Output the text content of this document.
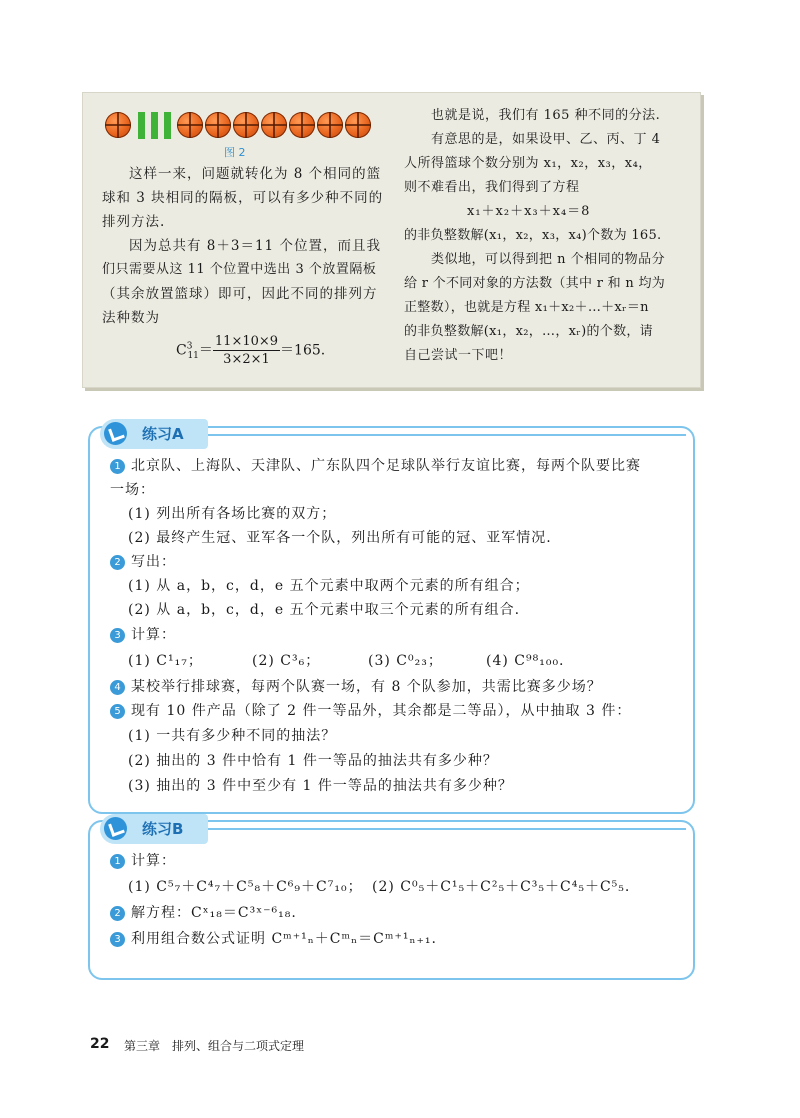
图 2
这样一来，问题就转化为 8 个相同的篮
球和 3 块相同的隔板，可以有多少种不同的
排列方法.
因为总共有 8＋3＝11 个位置，而且我
们只需要从这 11 个位置中选出 3 个放置隔板
（其余放置篮球）即可，因此不同的排列方
法种数为
$C^3_{11}= \frac{11\times 10\times 9}{3\times 2\times 1} =165$.
也就是说，我们有 165 种不同的分法.
有意思的是，如果设甲、乙、丙、丁 4
人所得篮球个数分别为 x₁，x₂，x₃，x₄，
则不难看出，我们得到了方程
x₁＋x₂＋x₃＋x₄＝8
的非负整数解(x₁，x₂，x₃，x₄)个数为 165.
类似地，可以得到把 n 个相同的物品分
给 r 个不同对象的方法数（其中 r 和 n 均为
正整数），也就是方程 x₁＋x₂＋…＋xᵣ＝n
的非负整数解(x₁，x₂，…，xᵣ)的个数，请
自己尝试一下吧！
练习A
1 北京队、上海队、天津队、广东队四个足球队举行友谊比赛，每两个队要比赛
一场：
(1) 列出所有各场比赛的双方；
(2) 最终产生冠、亚军各一个队，列出所有可能的冠、亚军情况.
2 写出：
(1) 从 a，b，c，d，e 五个元素中取两个元素的所有组合；
(2) 从 a，b，c，d，e 五个元素中取三个元素的所有组合.
3 计算：
(1) C¹₁₇；	(2) C³₆；	(3) C⁰₂₃；	(4) C⁹⁸₁₀₀.
4 某校举行排球赛，每两个队赛一场，有 8 个队参加，共需比赛多少场？
5 现有 10 件产品（除了 2 件一等品外，其余都是二等品），从中抽取 3 件：
(1) 一共有多少种不同的抽法？
(2) 抽出的 3 件中恰有 1 件一等品的抽法共有多少种？
(3) 抽出的 3 件中至少有 1 件一等品的抽法共有多少种？
练习B
1 计算：
(1) C⁵₇＋C⁴₇＋C⁵₈＋C⁶₉＋C⁷₁₀； (2) C⁰₅＋C¹₅＋C²₅＋C³₅＋C⁴₅＋C⁵₅.
2 解方程：Cˣ₁₈＝C³ˣ⁻⁶₁₈.
3 利用组合数公式证明 Cᵐ⁺¹ₙ＋Cᵐₙ＝Cᵐ⁺¹ₙ₊₁.
22 第三章　排列、组合与二项式定理
